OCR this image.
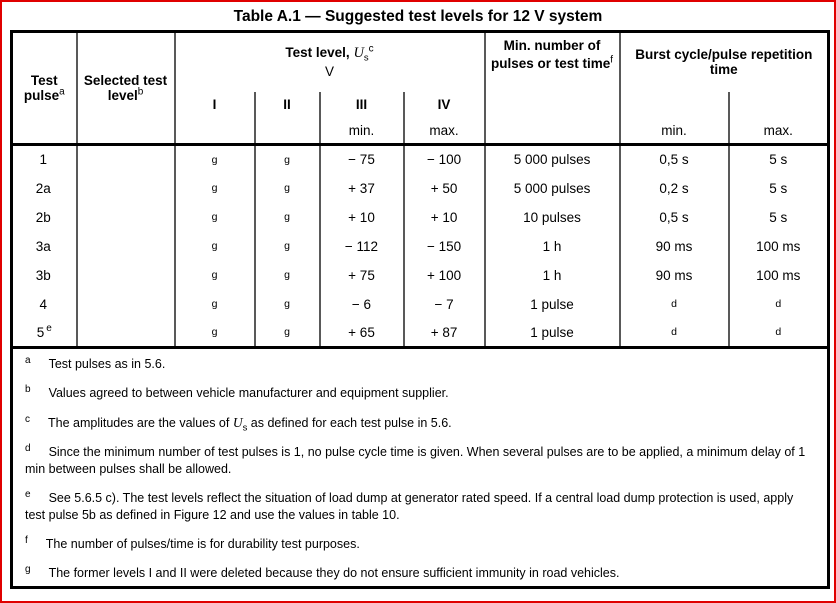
Table A.1 — Suggested test levels for 12 V system
Test pulse$^a$	Selected test level$^b$	Test level, $U_s^c$
V				Min. number of pulses or test time$^f$	Burst cycle/pulse repetition time	
		I	II	III	IV			
				min.	max.		min.	max.
1		g	g	− 75	− 100	5 000 pulses	0,5 s	5 s
2a		g	g	+ 37	+ 50	5 000 pulses	0,2 s	5 s
2b		g	g	+ 10	+ 10	10 pulses	0,5 s	5 s
3a		g	g	− 112	− 150	1 h	90 ms	100 ms
3b		g	g	+ 75	+ 100	1 h	90 ms	100 ms
4		g	g	− 6	− 7	1 pulse	d	d
5 $^e$		g	g	+ 65	+ 87	1 pulse	d	d

$^a$ Test pulses as in 5.6.

$^b$ Values agreed to between vehicle manufacturer and equipment supplier.

$^c$ The amplitudes are the values of $U_s$ as defined for each test pulse in 5.6.

$^d$ Since the minimum number of test pulses is 1, no pulse cycle time is given. When several pulses are to be applied, a minimum delay of 1 min between pulses shall be allowed.

$^e$ See 5.6.5 c). The test levels reflect the situation of load dump at generator rated speed. If a central load dump protection is used, apply test pulse 5b as defined in Figure 12 and use the values in table 10.

$^f$ The number of pulses/time is for durability test purposes.

$^g$ The former levels I and II were deleted because they do not ensure sufficient immunity in road vehicles.
